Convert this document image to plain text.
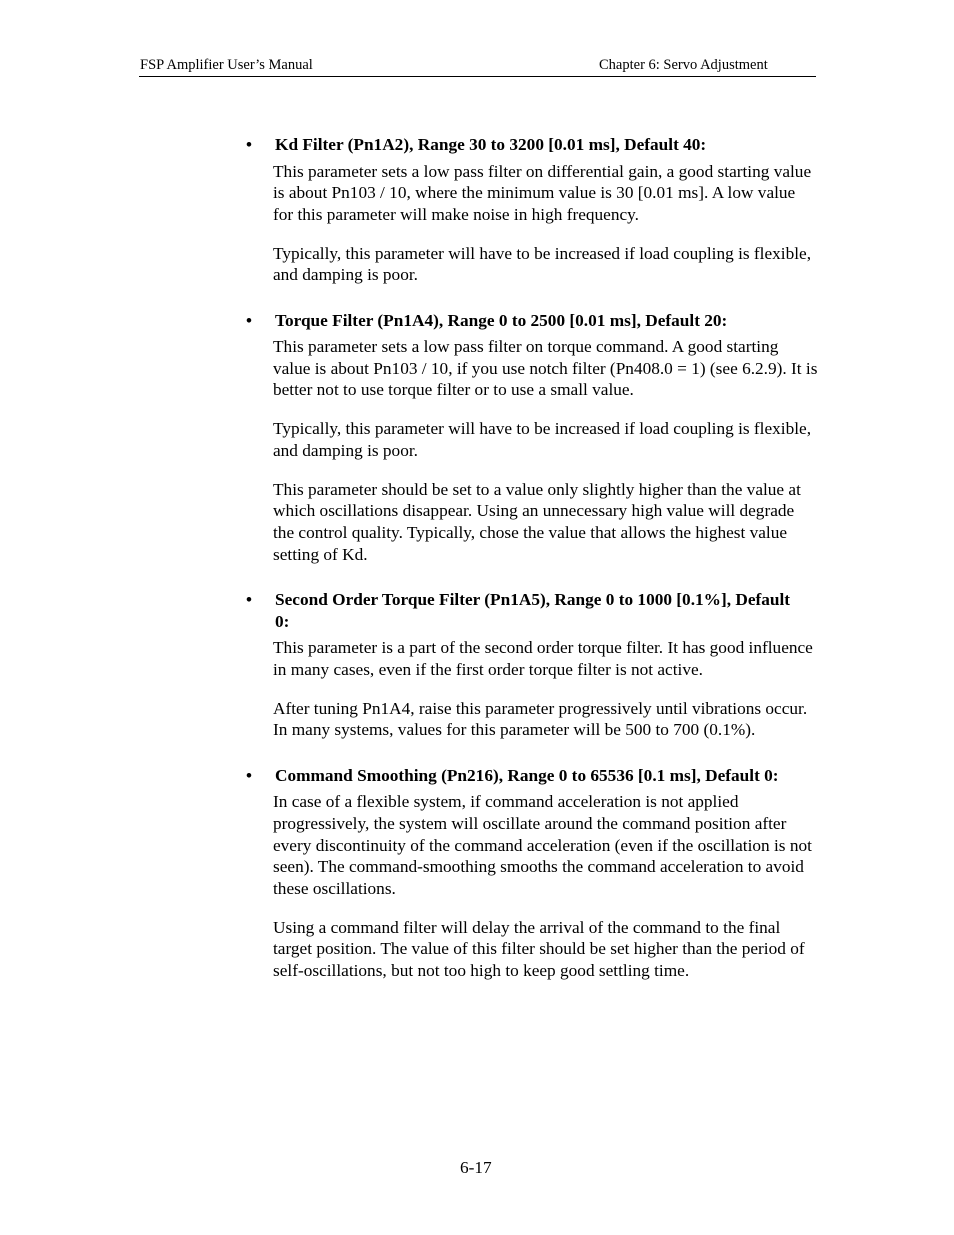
FSP Amplifier User’s Manual	Chapter 6: Servo Adjustment
• Kd Filter (Pn1A2), Range 30 to 3200 [0.01 ms], Default 40:

This parameter sets a low pass filter on differential gain, a good starting value is about Pn103 / 10, where the minimum value is 30 [0.01 ms]. A low value for this parameter will make noise in high frequency.

Typically, this parameter will have to be increased if load coupling is flexible, and damping is poor.

• Torque Filter (Pn1A4), Range 0 to 2500 [0.01 ms], Default 20:

This parameter sets a low pass filter on torque command. A good starting value is about Pn103 / 10, if you use notch filter (Pn408.0 = 1) (see 6.2.9). It is better not to use torque filter or to use a small value.

Typically, this parameter will have to be increased if load coupling is flexible, and damping is poor.

This parameter should be set to a value only slightly higher than the value at which oscillations disappear. Using an unnecessary high value will degrade the control quality. Typically, chose the value that allows the highest value setting of Kd.

• Second Order Torque Filter (Pn1A5), Range 0 to 1000 [0.1%], Default 0:

This parameter is a part of the second order torque filter. It has good influence in many cases, even if the first order torque filter is not active.

After tuning Pn1A4, raise this parameter progressively until vibrations occur. In many systems, values for this parameter will be 500 to 700 (0.1%).

• Command Smoothing (Pn216), Range 0 to 65536 [0.1 ms], Default 0:

In case of a flexible system, if command acceleration is not applied progressively, the system will oscillate around the command position after every discontinuity of the command acceleration (even if the oscillation is not seen). The command-smoothing smooths the command acceleration to avoid these oscillations.

Using a command filter will delay the arrival of the command to the final target position. The value of this filter should be set higher than the period of self-oscillations, but not too high to keep good settling time.

6-17
